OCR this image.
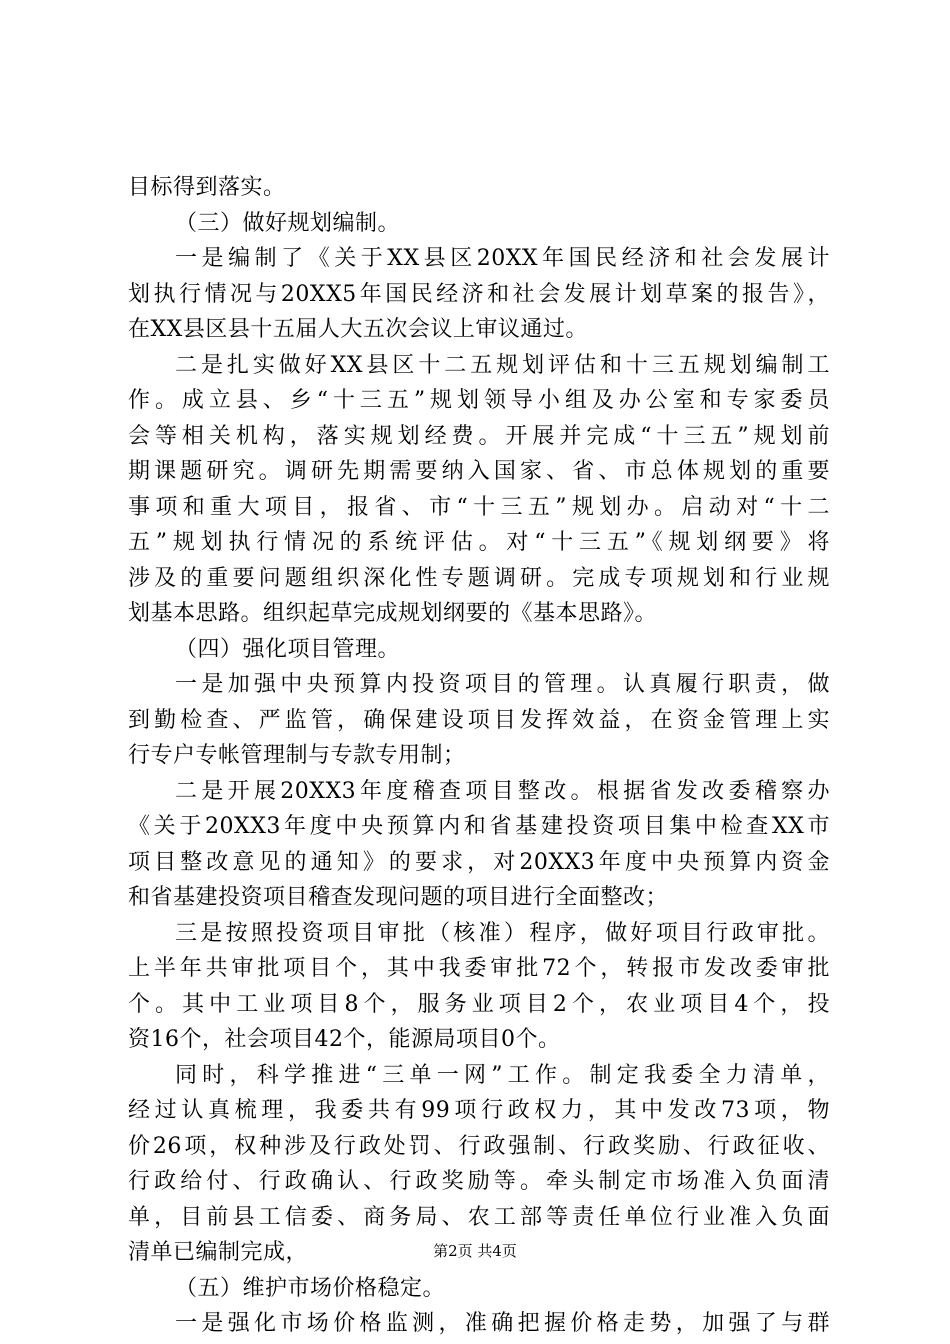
目标得到落实。
（三）做好规划编制。
一是编制了《关于XX县区20XX年国民经济和社会发展计
划执行情况与20XX5年国民经济和社会发展计划草案的报告》，
在XX县区县十五届人大五次会议上审议通过。
二是扎实做好XX县区十二五规划评估和十三五规划编制工
作。成立县、乡“十三五”规划领导小组及办公室和专家委员
会等相关机构，落实规划经费。开展并完成“十三五”规划前
期课题研究。调研先期需要纳入国家、省、市总体规划的重要
事项和重大项目，报省、市“十三五”规划办。启动对“十二
五”规划执行情况的系统评估。对“十三五”《规划纲要》将
涉及的重要问题组织深化性专题调研。完成专项规划和行业规
划基本思路。组织起草完成规划纲要的《基本思路》。
（四）强化项目管理。
一是加强中央预算内投资项目的管理。认真履行职责，做
到勤检查、严监管，确保建设项目发挥效益，在资金管理上实
行专户专帐管理制与专款专用制；
二是开展20XX3年度稽查项目整改。根据省发改委稽察办
《关于20XX3年度中央预算内和省基建投资项目集中检查XX市
项目整改意见的通知》的要求，对20XX3年度中央预算内资金
和省基建投资项目稽查发现问题的项目进行全面整改；
三是按照投资项目审批（核准）程序，做好项目行政审批。
上半年共审批项目个，其中我委审批72个，转报市发改委审批
个。其中工业项目8个，服务业项目2个，农业项目4个，投
资16个，社会项目42个，能源局项目0个。
同时，科学推进“三单一网”工作。制定我委全力清单，
经过认真梳理，我委共有99项行政权力，其中发改73项，物
价26项，权种涉及行政处罚、行政强制、行政奖励、行政征收、
行政给付、行政确认、行政奖励等。牵头制定市场准入负面清
单，目前县工信委、商务局、农工部等责任单位行业准入负面
清单已编制完成，
（五）维护市场价格稳定。
一是强化市场价格监测，准确把握价格走势，加强了与群
第2页 共4页
